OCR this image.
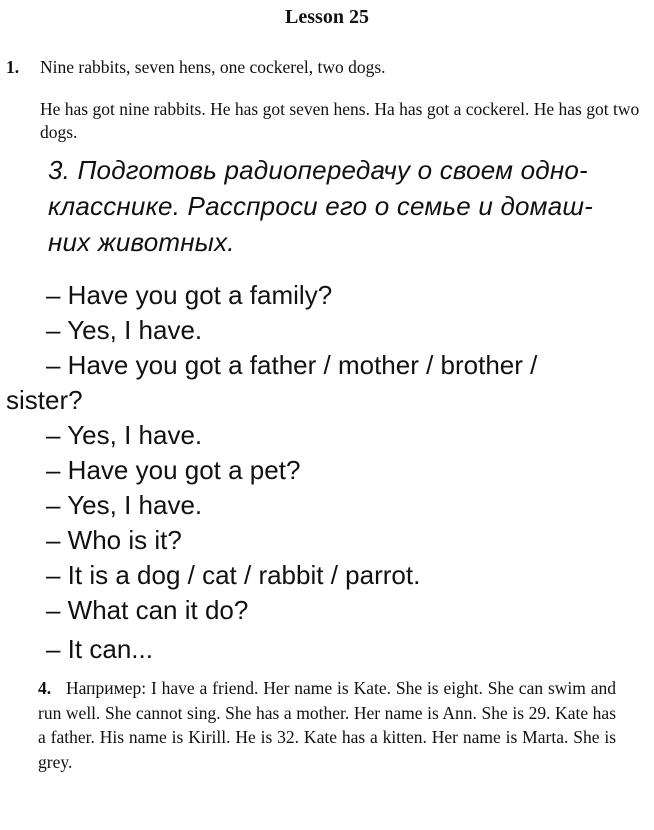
Lesson 25
1. Nine rabbits, seven hens, one cockerel, two dogs.
He has got nine rabbits. He has got seven hens. Ha has got a cockerel. He has got two dogs.
3. Подготовь радиопередачу о своем одно-
класснике. Расспроси его о семье и домаш-
них животных.
– Have you got a family?
– Yes, I have.
– Have you got a father / mother / brother /
sister?
– Yes, I have.
– Have you got a pet?
– Yes, I have.
– Who is it?
– It is a dog / cat / rabbit / parrot.
– What can it do?
– It can...
4. Например: I have a friend. Her name is Kate. She is eight. She can swim and run well. She cannot sing. She has a mother. Her name is Ann. She is 29. Kate has a father. His name is Kirill. He is 32. Kate has a kitten. Her name is Marta. She is grey.
